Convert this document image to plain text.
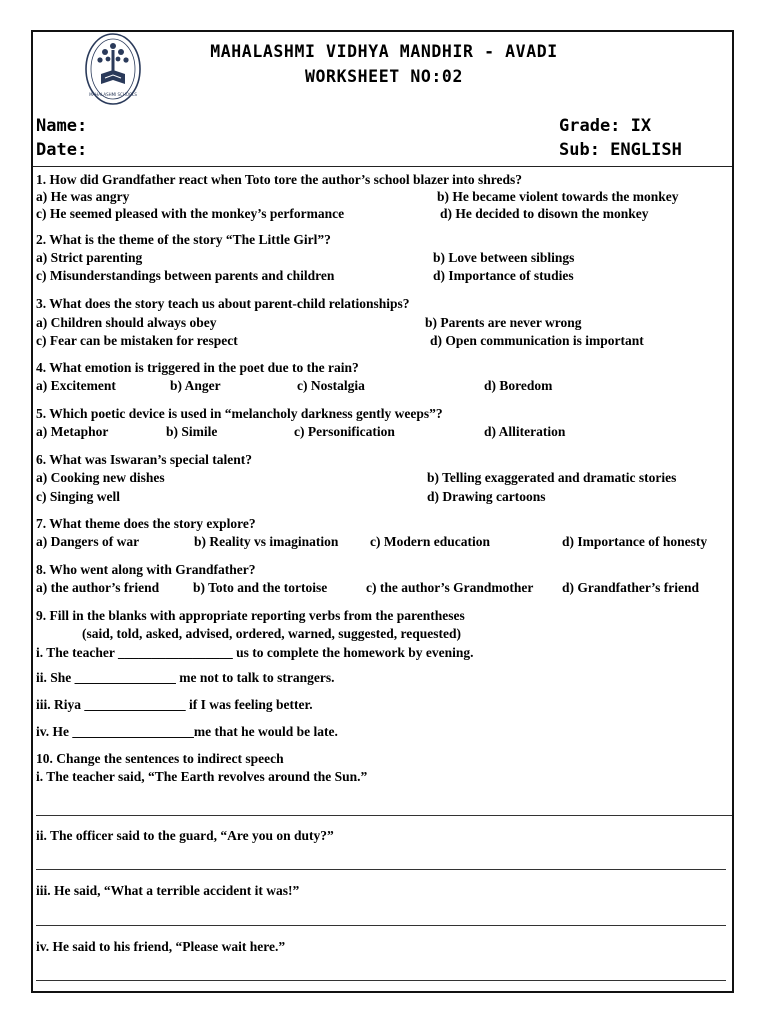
MAHALASHMI SCHOOLS
MAHALASHMI VIDHYA MANDHIR - AVADI
WORKSHEET NO:02
Name:
Date:
Grade: IX
Sub: ENGLISH
1. How did Grandfather react when Toto tore the author’s school blazer into shreds?
a) He was angry	b) He became violent towards the monkey
c) He seemed pleased with the monkey’s performance	d) He decided to disown the monkey
2. What is the theme of the story “The Little Girl”?
a) Strict parenting	b) Love between siblings
c) Misunderstandings between parents and children	d) Importance of studies
3. What does the story teach us about parent-child relationships?
a) Children should always obey	b) Parents are never wrong
c) Fear can be mistaken for respect	d) Open communication is important
4. What emotion is triggered in the poet due to the rain?
a) Excitement	b) Anger	c) Nostalgia	d) Boredom
5. Which poetic device is used in “melancholy darkness gently weeps”?
a) Metaphor	b) Simile	c) Personification	d) Alliteration
6. What was Iswaran’s special talent?
a) Cooking new dishes	b) Telling exaggerated and dramatic stories
c) Singing well	d) Drawing cartoons
7. What theme does the story explore?
a) Dangers of war	b) Reality vs imagination c) Modern education	d) Importance of honesty
8. Who went along with Grandfather?
a) the author’s friend	b) Toto and the tortoise	c) the author’s Grandmother d) Grandfather’s friend
9. Fill in the blanks with appropriate reporting verbs from the parentheses
(said, told, asked, advised, ordered, warned, suggested, requested)
i. The teacher _________________ us to complete the homework by evening.
ii. She _______________ me not to talk to strangers.
iii. Riya _______________ if I was feeling better.
iv. He __________________me that he would be late.
10. Change the sentences to indirect speech
i. The teacher said, “The Earth revolves around the Sun.”
ii. The officer said to the guard, “Are you on duty?”
iii. He said, “What a terrible accident it was!”
iv. He said to his friend, “Please wait here.”
